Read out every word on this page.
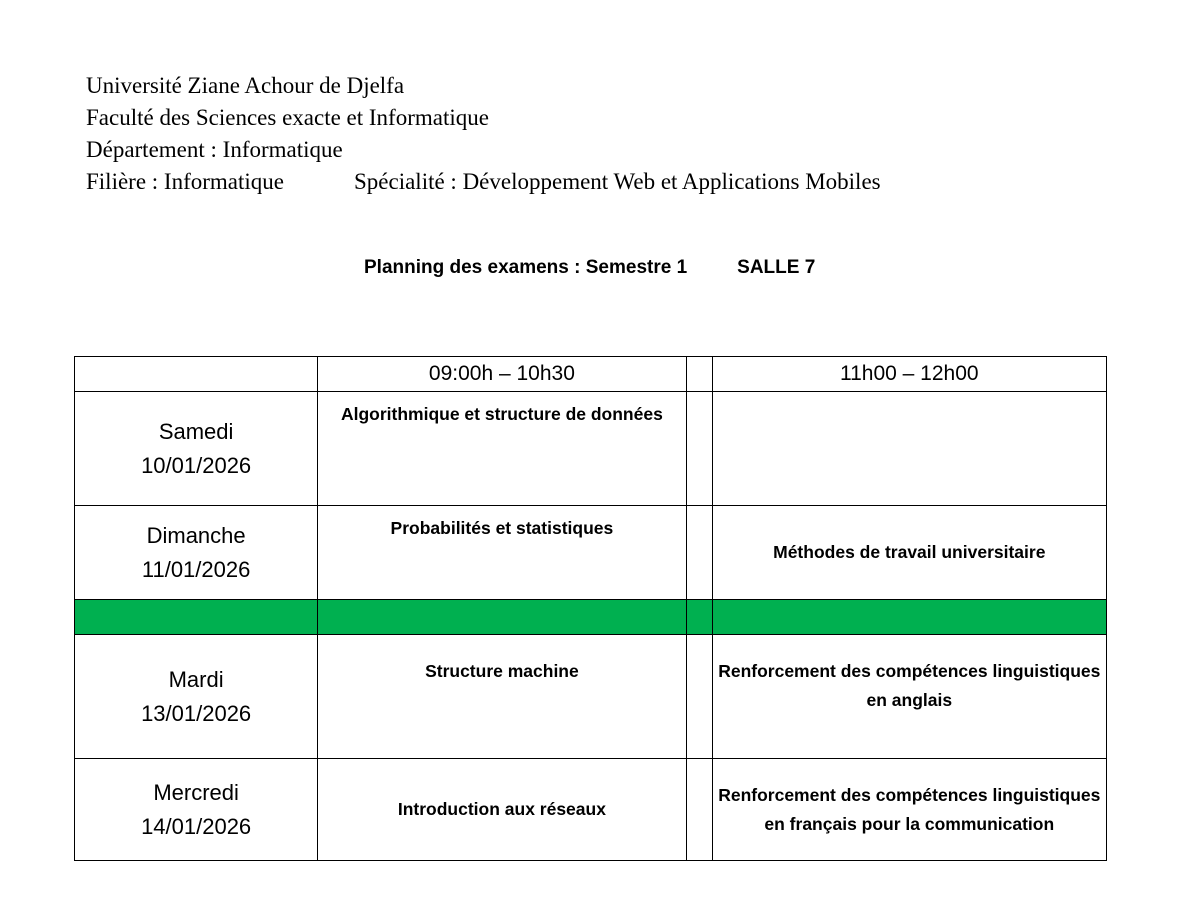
Université Ziane Achour de Djelfa
Faculté des Sciences exacte et Informatique
Département : Informatique
Filière : Informatique	Spécialité : Développement Web et Applications Mobiles
Planning des examens : Semestre 1	SALLE 7
	09:00h – 10h30		11h00 – 12h00

Samedi
10/01/2026	Algorithmique et structure de données		

Dimanche
11/01/2026	Probabilités et statistiques		Méthodes de travail universitaire

Mardi
13/01/2026	Structure machine		Renforcement des compétences linguistiques en anglais

Mercredi
14/01/2026	Introduction aux réseaux		Renforcement des compétences linguistiques en français pour la communication
